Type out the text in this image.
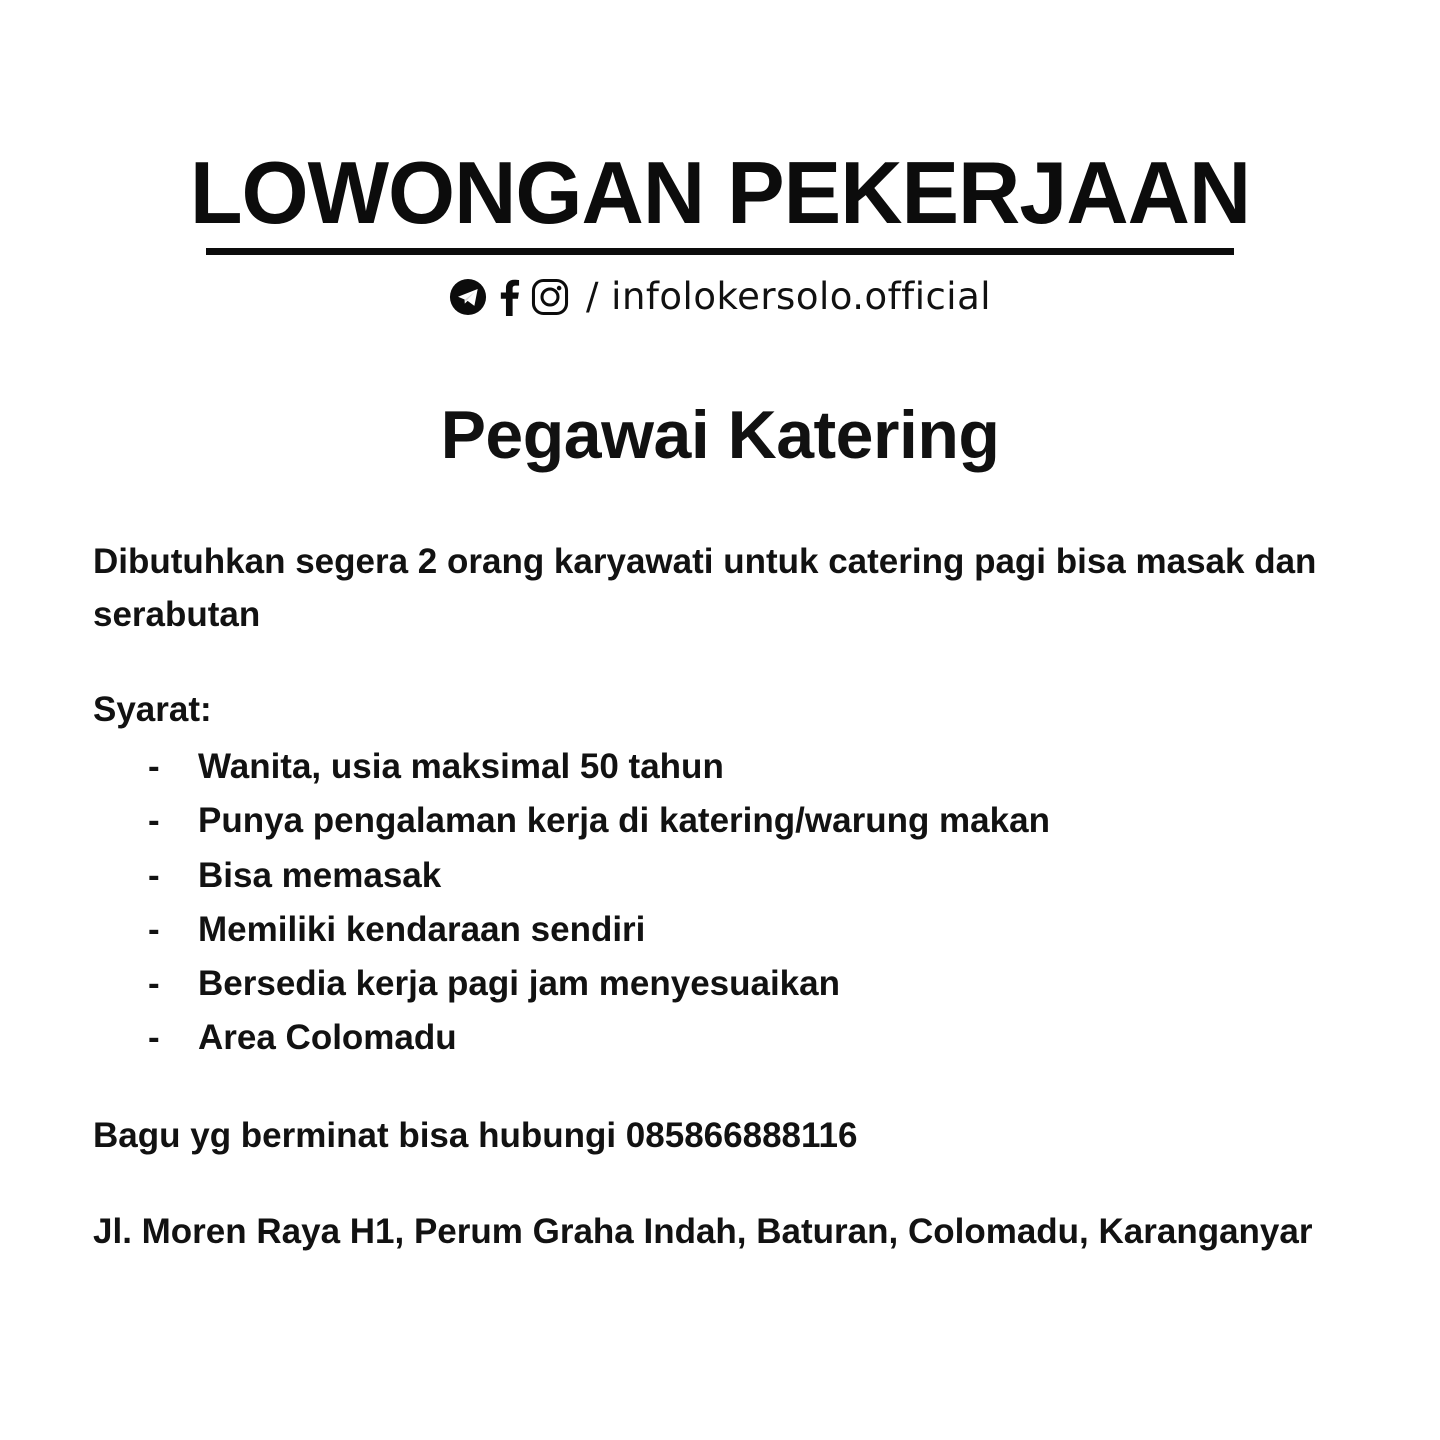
LOWONGAN PEKERJAAN
/ infolokersolo.official
Pegawai Katering

Dibutuhkan segera 2 orang karyawati untuk catering pagi bisa masak dan serabutan

Syarat:

-	Wanita, usia maksimal 50 tahun
-	Punya pengalaman kerja di katering/warung makan
-	Bisa memasak
-	Memiliki kendaraan sendiri
-	Bersedia kerja pagi jam menyesuaikan
-	Area Colomadu

Bagu yg berminat bisa hubungi 085866888116

Jl. Moren Raya H1, Perum Graha Indah, Baturan, Colomadu, Karanganyar
